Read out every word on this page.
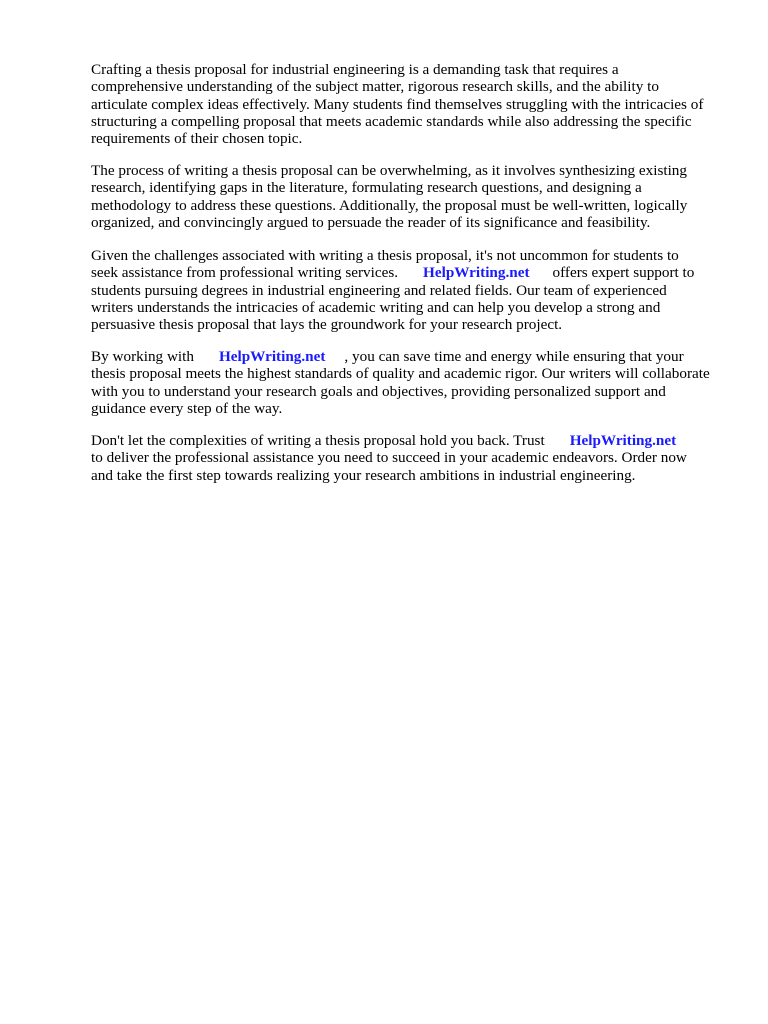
Crafting a thesis proposal for industrial engineering is a demanding task that requires a
comprehensive understanding of the subject matter, rigorous research skills, and the ability to
articulate complex ideas effectively. Many students find themselves struggling with the intricacies of
structuring a compelling proposal that meets academic standards while also addressing the specific
requirements of their chosen topic.

The process of writing a thesis proposal can be overwhelming, as it involves synthesizing existing
research, identifying gaps in the literature, formulating research questions, and designing a
methodology to address these questions. Additionally, the proposal must be well-written, logically
organized, and convincingly argued to persuade the reader of its significance and feasibility.

Given the challenges associated with writing a thesis proposal, it's not uncommon for students to
seek assistance from professional writing services. HelpWriting.net offers expert support to
students pursuing degrees in industrial engineering and related fields. Our team of experienced
writers understands the intricacies of academic writing and can help you develop a strong and
persuasive thesis proposal that lays the groundwork for your research project.

By working with HelpWriting.net , you can save time and energy while ensuring that your
thesis proposal meets the highest standards of quality and academic rigor. Our writers will collaborate
with you to understand your research goals and objectives, providing personalized support and
guidance every step of the way.

Don't let the complexities of writing a thesis proposal hold you back. Trust HelpWriting.net
to deliver the professional assistance you need to succeed in your academic endeavors. Order now
and take the first step towards realizing your research ambitions in industrial engineering.
